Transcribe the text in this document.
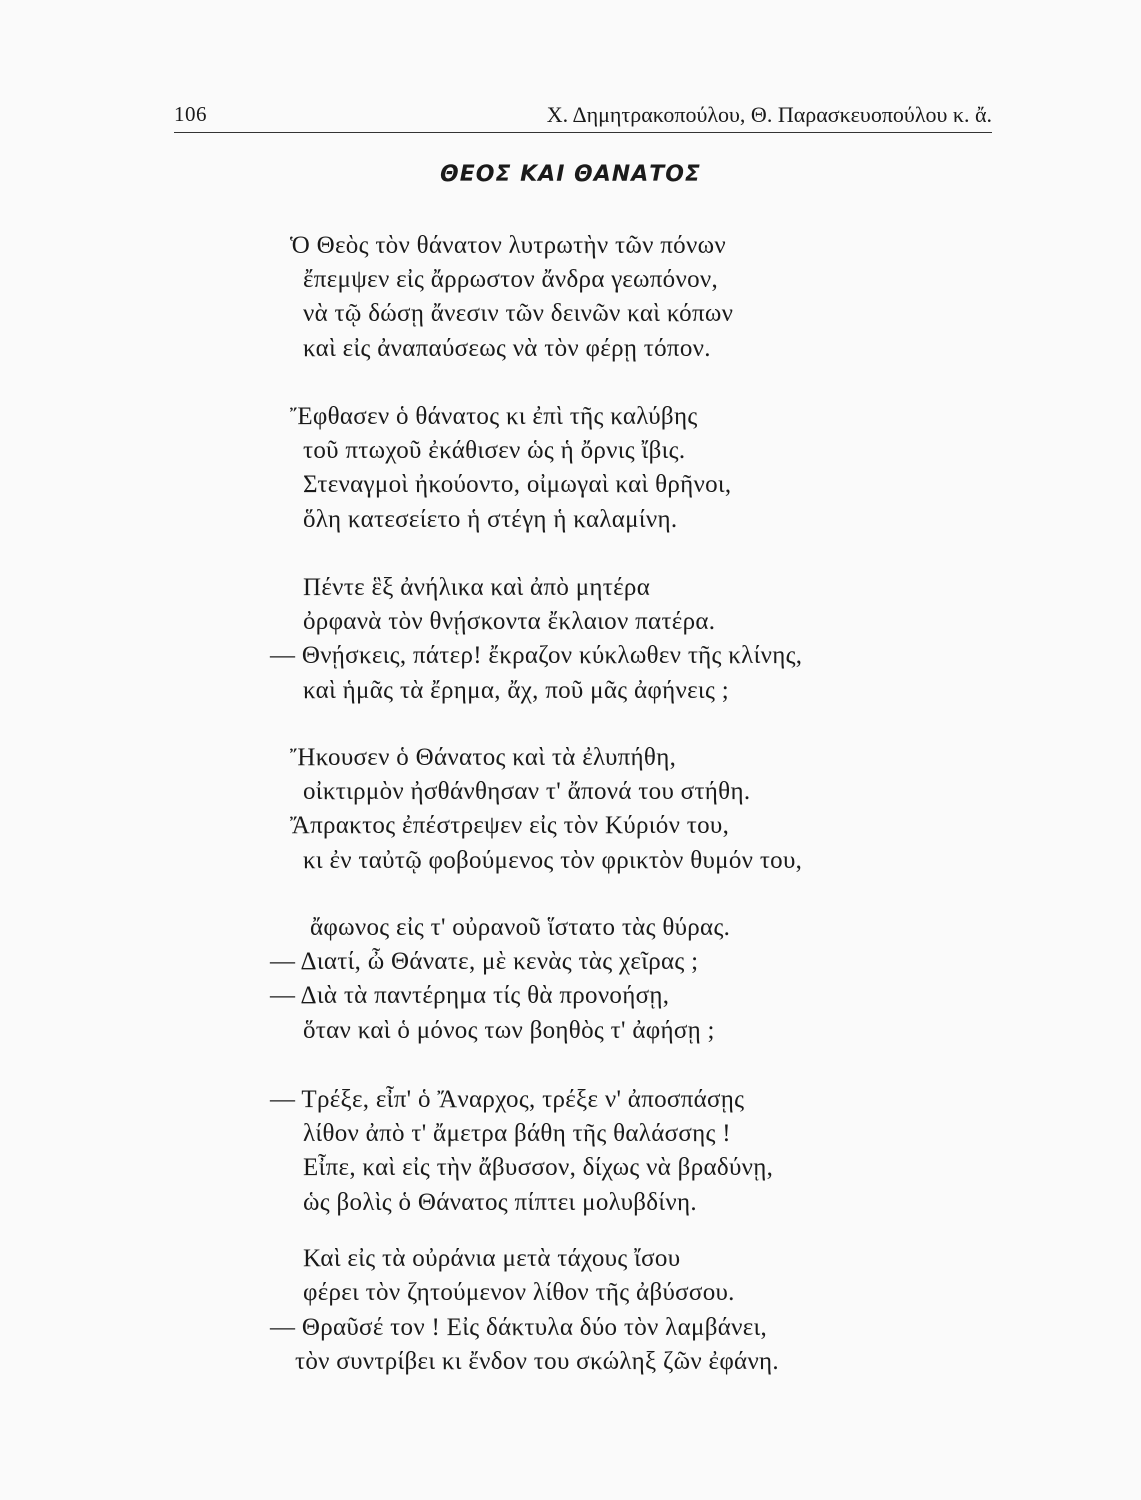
106	Χ. Δημητρακοπούλου, Θ. Παρασκευοπούλου κ. ἄ.
ΘΕΟΣ ΚΑΙ ΘΑΝΑΤΟΣ
Ὁ Θεὸς τὸν θάνατον λυτρωτὴν τῶν πόνων
ἔπεμψεν εἰς ἄρρωστον ἄνδρα γεωπόνον,
νὰ τῷ δώσῃ ἄνεσιν τῶν δεινῶν καὶ κόπων
καὶ εἰς ἀναπαύσεως νὰ τὸν φέρῃ τόπον.
Ἔφθασεν ὁ θάνατος κι ἐπὶ τῆς καλύβης
τοῦ πτωχοῦ ἐκάθισεν ὡς ἡ ὄρνις ἴβις.
Στεναγμοὶ ἠκούοντο, οἰμωγαὶ καὶ θρῆνοι,
ὅλη κατεσείετο ἡ στέγη ἡ καλαμίνη.
Πέντε ἓξ ἀνήλικα καὶ ἀπὸ μητέρα
ὀρφανὰ τὸν θνῄσκοντα ἔκλαιον πατέρα.
— Θνῄσκεις, πάτερ! ἔκραζον κύκλωθεν τῆς κλίνης,
καὶ ἡμᾶς τὰ ἔρημα, ἄχ, ποῦ μᾶς ἀφήνεις ;
Ἤκουσεν ὁ Θάνατος καὶ τὰ ἐλυπήθη,
οἰκτιρμὸν ἠσθάνθησαν τ' ἄπονά του στήθη.
Ἄπρακτος ἐπέστρεψεν εἰς τὸν Κύριόν του,
κι ἐν ταὐτῷ φοβούμενος τὸν φρικτὸν θυμόν του,
ἄφωνος εἰς τ' οὐρανοῦ ἵστατο τὰς θύρας.
— Διατί, ὦ Θάνατε, μὲ κενὰς τὰς χεῖρας ;
— Διὰ τὰ παντέρημα τίς θὰ προνοήσῃ,
ὅταν καὶ ὁ μόνος των βοηθὸς τ' ἀφήσῃ ;
— Τρέξε, εἶπ' ὁ Ἄναρχος, τρέξε ν' ἀποσπάσῃς
λίθον ἀπὸ τ' ἄμετρα βάθη τῆς θαλάσσης !
Εἶπε, καὶ εἰς τὴν ἄβυσσον, δίχως νὰ βραδύνῃ,
ὡς βολὶς ὁ Θάνατος πίπτει μολυβδίνη.
Καὶ εἰς τὰ οὐράνια μετὰ τάχους ἴσου
φέρει τὸν ζητούμενον λίθον τῆς ἀβύσσου.
— Θραῦσέ τον ! Εἰς δάκτυλα δύο τὸν λαμβάνει,
τὸν συντρίβει κι ἔνδον του σκώληξ ζῶν ἐφάνη.
